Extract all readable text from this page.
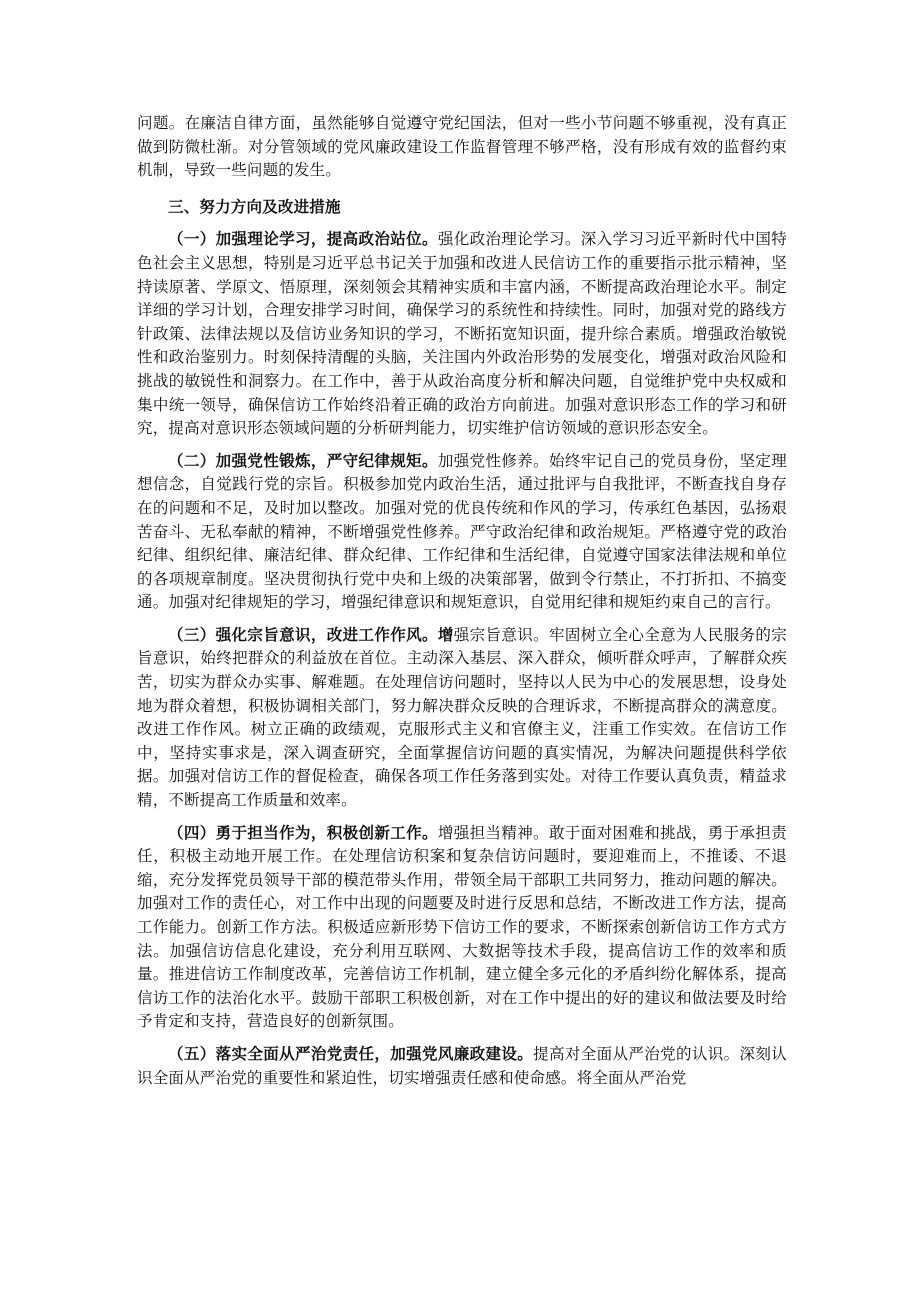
问题。在廉洁自律方面，虽然能够自觉遵守党纪国法，但对一些小节问题不够重视，没有真正做到防微杜渐。对分管领域的党风廉政建设工作监督管理不够严格，没有形成有效的监督约束机制，导致一些问题的发生。

三、努力方向及改进措施

（一）加强理论学习，提高政治站位。强化政治理论学习。深入学习习近平新时代中国特色社会主义思想，特别是习近平总书记关于加强和改进人民信访工作的重要指示批示精神，坚持读原著、学原文、悟原理，深刻领会其精神实质和丰富内涵，不断提高政治理论水平。制定详细的学习计划，合理安排学习时间，确保学习的系统性和持续性。同时，加强对党的路线方针政策、法律法规以及信访业务知识的学习，不断拓宽知识面，提升综合素质。增强政治敏锐性和政治鉴别力。时刻保持清醒的头脑，关注国内外政治形势的发展变化，增强对政治风险和挑战的敏锐性和洞察力。在工作中，善于从政治高度分析和解决问题，自觉维护党中央权威和集中统一领导，确保信访工作始终沿着正确的政治方向前进。加强对意识形态工作的学习和研究，提高对意识形态领域问题的分析研判能力，切实维护信访领域的意识形态安全。

（二）加强党性锻炼，严守纪律规矩。加强党性修养。始终牢记自己的党员身份，坚定理想信念，自觉践行党的宗旨。积极参加党内政治生活，通过批评与自我批评，不断查找自身存在的问题和不足，及时加以整改。加强对党的优良传统和作风的学习，传承红色基因，弘扬艰苦奋斗、无私奉献的精神，不断增强党性修养。严守政治纪律和政治规矩。严格遵守党的政治纪律、组织纪律、廉洁纪律、群众纪律、工作纪律和生活纪律，自觉遵守国家法律法规和单位的各项规章制度。坚决贯彻执行党中央和上级的决策部署，做到令行禁止，不打折扣、不搞变通。加强对纪律规矩的学习，增强纪律意识和规矩意识，自觉用纪律和规矩约束自己的言行。

（三）强化宗旨意识，改进工作作风。增强宗旨意识。牢固树立全心全意为人民服务的宗旨意识，始终把群众的利益放在首位。主动深入基层、深入群众，倾听群众呼声，了解群众疾苦，切实为群众办实事、解难题。在处理信访问题时，坚持以人民为中心的发展思想，设身处地为群众着想，积极协调相关部门，努力解决群众反映的合理诉求，不断提高群众的满意度。改进工作作风。树立正确的政绩观，克服形式主义和官僚主义，注重工作实效。在信访工作中，坚持实事求是，深入调查研究，全面掌握信访问题的真实情况，为解决问题提供科学依据。加强对信访工作的督促检查，确保各项工作任务落到实处。对待工作要认真负责，精益求精，不断提高工作质量和效率。

（四）勇于担当作为，积极创新工作。增强担当精神。敢于面对困难和挑战，勇于承担责任，积极主动地开展工作。在处理信访积案和复杂信访问题时，要迎难而上，不推诿、不退缩，充分发挥党员领导干部的模范带头作用，带领全局干部职工共同努力，推动问题的解决。加强对工作的责任心，对工作中出现的问题要及时进行反思和总结，不断改进工作方法，提高工作能力。创新工作方法。积极适应新形势下信访工作的要求，不断探索创新信访工作方式方法。加强信访信息化建设，充分利用互联网、大数据等技术手段，提高信访工作的效率和质量。推进信访工作制度改革，完善信访工作机制，建立健全多元化的矛盾纠纷化解体系，提高信访工作的法治化水平。鼓励干部职工积极创新，对在工作中提出的好的建议和做法要及时给予肯定和支持，营造良好的创新氛围。

（五）落实全面从严治党责任，加强党风廉政建设。提高对全面从严治党的认识。深刻认识全面从严治党的重要性和紧迫性，切实增强责任感和使命感。将全面从严治党
